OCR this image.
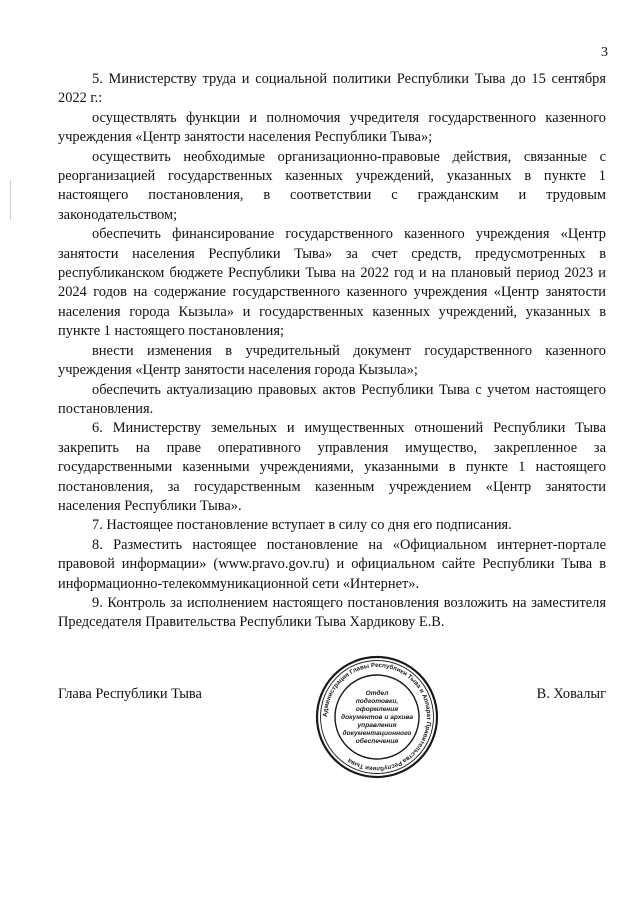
3

5. Министерству труда и социальной политики Республики Тыва до 15 сентября 2022 г.:

осуществлять функции и полномочия учредителя государственного казенного учреждения «Центр занятости населения Республики Тыва»;

осуществить необходимые организационно-правовые действия, связанные с реорганизацией государственных казенных учреждений, указанных в пункте 1 настоящего постановления, в соответствии с гражданским и трудовым законодательством;

обеспечить финансирование государственного казенного учреждения «Центр занятости населения Республики Тыва» за счет средств, предусмотренных в республиканском бюджете Республики Тыва на 2022 год и на плановый период 2023 и 2024 годов на содержание государственного казенного учреждения «Центр занятости населения города Кызыла» и государственных казенных учреждений, указанных в пункте 1 настоящего постановления;

внести изменения в учредительный документ государственного казенного учреждения «Центр занятости населения города Кызыла»;

обеспечить актуализацию правовых актов Республики Тыва с учетом настоящего постановления.

6. Министерству земельных и имущественных отношений Республики Тыва закрепить на праве оперативного управления имущество, закрепленное за государственными казенными учреждениями, указанными в пункте 1 настоящего постановления, за государственным казенным учреждением «Центр занятости населения Республики Тыва».

7. Настоящее постановление вступает в силу со дня его подписания.

8. Разместить настоящее постановление на «Официальном интернет-портале правовой информации» (www.pravo.gov.ru) и официальном сайте Республики Тыва в информационно-телекоммуникационной сети «Интернет».

9. Контроль за исполнением настоящего постановления возложить на заместителя Председателя Правительства Республики Тыва Хардикову Е.В.

Глава Республики Тыва	В. Ховалыг
Администрация Главы Республики Тыва и Аппарат Правительства Республики Тыва
Отдел
подготовки,
оформления
документов и архива
управления
документационного
обеспечения
